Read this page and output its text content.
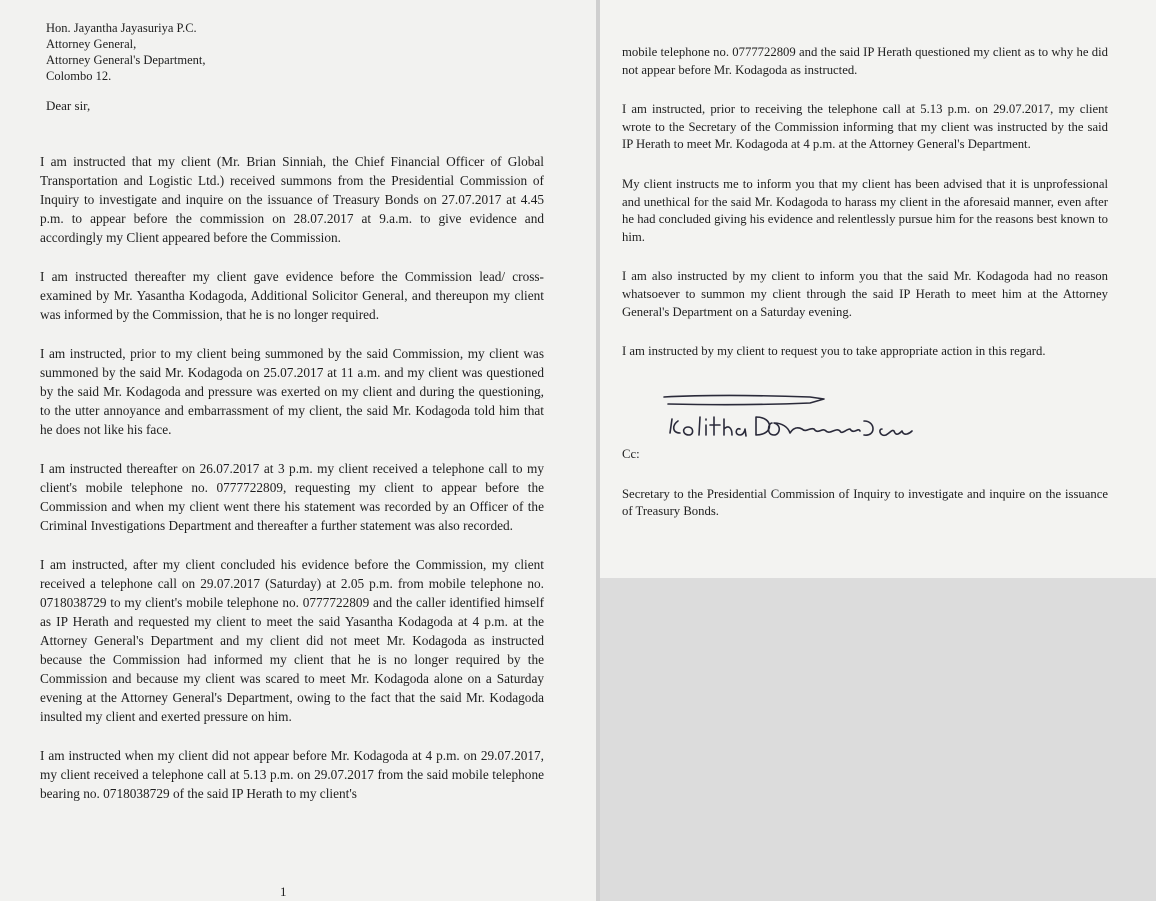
Hon. Jayantha Jayasuriya P.C.
Attorney General,
Attorney General's Department,
Colombo 12.
Dear sir,

I am instructed that my client (Mr. Brian Sinniah, the Chief Financial Officer of Global Transportation and Logistic Ltd.) received summons from the Presidential Commission of Inquiry to investigate and inquire on the issuance of Treasury Bonds on 27.07.2017 at 4.45 p.m. to appear before the commission on 28.07.2017 at 9.a.m. to give evidence and accordingly my Client appeared before the Commission.

I am instructed thereafter my client gave evidence before the Commission lead/ cross-examined by Mr. Yasantha Kodagoda, Additional Solicitor General, and thereupon my client was informed by the Commission, that he is no longer required.

I am instructed, prior to my client being summoned by the said Commission, my client was summoned by the said Mr. Kodagoda on 25.07.2017 at 11 a.m. and my client was questioned by the said Mr. Kodagoda and pressure was exerted on my client and during the questioning, to the utter annoyance and embarrassment of my client, the said Mr. Kodagoda told him that he does not like his face.

I am instructed thereafter on 26.07.2017 at 3 p.m. my client received a telephone call to my client's mobile telephone no. 0777722809, requesting my client to appear before the Commission and when my client went there his statement was recorded by an Officer of the Criminal Investigations Department and thereafter a further statement was also recorded.

I am instructed, after my client concluded his evidence before the Commission, my client received a telephone call on 29.07.2017 (Saturday) at 2.05 p.m. from mobile telephone no. 0718038729 to my client's mobile telephone no. 0777722809 and the caller identified himself as IP Herath and requested my client to meet the said Yasantha Kodagoda at 4 p.m. at the Attorney General's Department and my client did not meet Mr. Kodagoda as instructed because the Commission had informed my client that he is no longer required by the Commission and because my client was scared to meet Mr. Kodagoda alone on a Saturday evening at the Attorney General's Department, owing to the fact that the said Mr. Kodagoda insulted my client and exerted pressure on him.

I am instructed when my client did not appear before Mr. Kodagoda at 4 p.m. on 29.07.2017, my client received a telephone call at 5.13 p.m. on 29.07.2017 from the said mobile telephone bearing no. 0718038729 of the said IP Herath to my client's

1

mobile telephone no. 0777722809 and the said IP Herath questioned my client as to why he did not appear before Mr. Kodagoda as instructed.

I am instructed, prior to receiving the telephone call at 5.13 p.m. on 29.07.2017, my client wrote to the Secretary of the Commission informing that my client was instructed by the said IP Herath to meet Mr. Kodagoda at 4 p.m. at the Attorney General's Department.

My client instructs me to inform you that my client has been advised that it is unprofessional and unethical for the said Mr. Kodagoda to harass my client in the aforesaid manner, even after he had concluded giving his evidence and relentlessly pursue him for the reasons best known to him.

I am also instructed by my client to inform you that the said Mr. Kodagoda had no reason whatsoever to summon my client through the said IP Herath to meet him at the Attorney General's Department on a Saturday evening.

I am instructed by my client to request you to take appropriate action in this regard.

Cc:

Secretary to the Presidential Commission of Inquiry to investigate and inquire on the issuance of Treasury Bonds.
